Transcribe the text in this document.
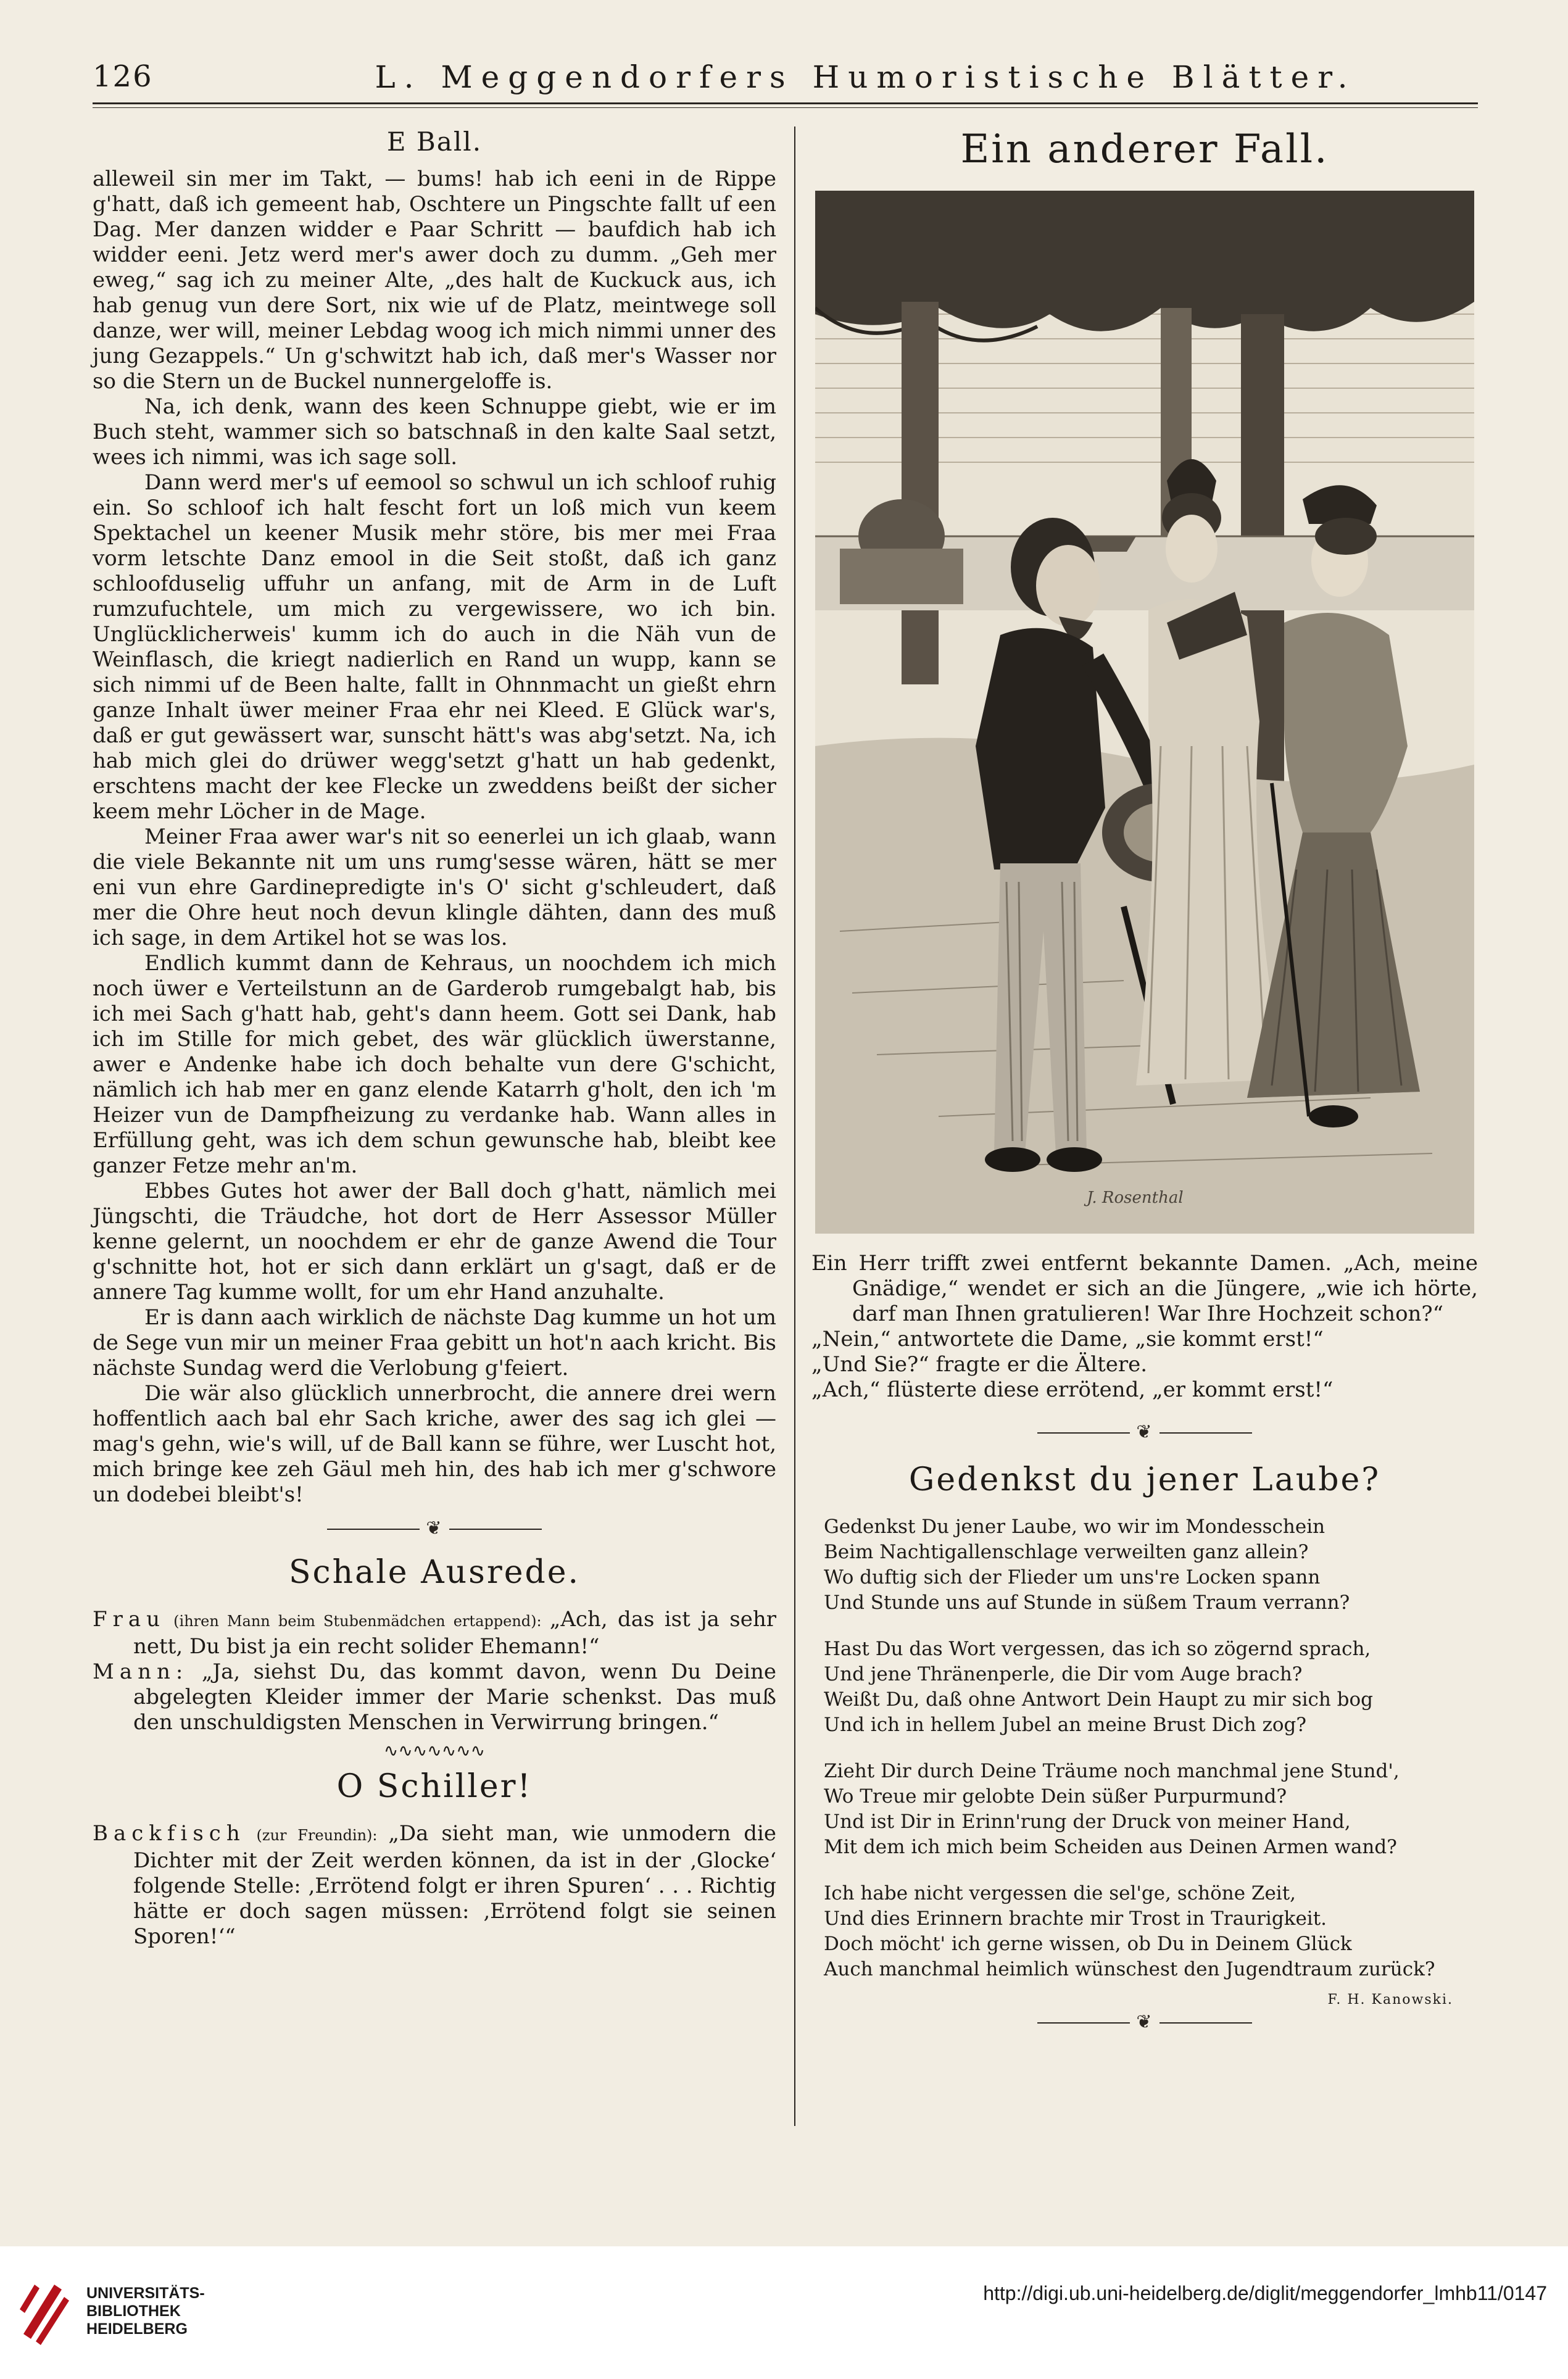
126	L. Meggendorfers Humoristische Blätter.
E Ball.

alleweil sin mer im Takt, — bums! hab ich eeni in de Rippe g'hatt, daß ich gemeent hab, Oschtere un Pingschte fallt uf een Dag. Mer danzen widder e Paar Schritt — baufdich hab ich widder eeni. Jetz werd mer's awer doch zu dumm. „Geh mer eweg,“ sag ich zu meiner Alte, „des halt de Kuckuck aus, ich hab genug vun dere Sort, nix wie uf de Platz, meintwege soll danze, wer will, meiner Lebdag woog ich mich nimmi unner des jung Gezappels.“ Un g'schwitzt hab ich, daß mer's Wasser nor so die Stern un de Buckel nunnergeloffe is.

Na, ich denk, wann des keen Schnuppe giebt, wie er im Buch steht, wammer sich so batschnaß in den kalte Saal setzt, wees ich nimmi, was ich sage soll.

Dann werd mer's uf eemool so schwul un ich schloof ruhig ein. So schloof ich halt fescht fort un loß mich vun keem Spektachel un keener Musik mehr störe, bis mer mei Fraa vorm letschte Danz emool in die Seit stoßt, daß ich ganz schloofduselig uffuhr un anfang, mit de Arm in de Luft rumzufuchtele, um mich zu vergewissere, wo ich bin. Unglücklicherweis' kumm ich do auch in die Näh vun de Weinflasch, die kriegt nadierlich en Rand un wupp, kann se sich nimmi uf de Been halte, fallt in Ohnnmacht un gießt ehrn ganze Inhalt üwer meiner Fraa ehr nei Kleed. E Glück war's, daß er gut gewässert war, sunscht hätt's was abg'setzt. Na, ich hab mich glei do drüwer wegg'setzt g'hatt un hab gedenkt, erschtens macht der kee Flecke un zweddens beißt der sicher keem mehr Löcher in de Mage.

Meiner Fraa awer war's nit so eenerlei un ich glaab, wann die viele Bekannte nit um uns rumg'sesse wären, hätt se mer eni vun ehre Gardinepredigte in's O' sicht g'schleudert, daß mer die Ohre heut noch devun klingle dähten, dann des muß ich sage, in dem Artikel hot se was los.

Endlich kummt dann de Kehraus, un noochdem ich mich noch üwer e Verteilstunn an de Garderob rumgebalgt hab, bis ich mei Sach g'hatt hab, geht's dann heem. Gott sei Dank, hab ich im Stille for mich gebet, des wär glücklich üwerstanne, awer e Andenke habe ich doch behalte vun dere G'schicht, nämlich ich hab mer en ganz elende Katarrh g'holt, den ich 'm Heizer vun de Dampfheizung zu verdanke hab. Wann alles in Erfüllung geht, was ich dem schun gewunsche hab, bleibt kee ganzer Fetze mehr an'm.

Ebbes Gutes hot awer der Ball doch g'hatt, nämlich mei Jüngschti, die Träudche, hot dort de Herr Assessor Müller kenne gelernt, un noochdem er ehr de ganze Awend die Tour g'schnitte hot, hot er sich dann erklärt un g'sagt, daß er de annere Tag kumme wollt, for um ehr Hand anzuhalte.

Er is dann aach wirklich de nächste Dag kumme un hot um de Sege vun mir un meiner Fraa gebitt un hot'n aach kricht. Bis nächste Sundag werd die Verlobung g'feiert.

Die wär also glücklich unnerbrocht, die annere drei wern hoffentlich aach bal ehr Sach kriche, awer des sag ich glei — mag's gehn, wie's will, uf de Ball kann se führe, wer Luscht hot, mich bringe kee zeh Gäul meh hin, des hab ich mer g'schwore un dodebei bleibt's!

❦
Schale Ausrede.

Frau (ihren Mann beim Stubenmädchen ertappend): „Ach, das ist ja sehr nett, Du bist ja ein recht solider Ehemann!“

Mann: „Ja, siehst Du, das kommt davon, wenn Du Deine abgelegten Kleider immer der Marie schenkst. Das muß den unschuldigsten Menschen in Verwirrung bringen.“

∿∿∿∿∿∿∿
O Schiller!

Backfisch (zur Freundin): „Da sieht man, wie unmodern die Dichter mit der Zeit werden können, da ist in der ‚Glocke‘ folgende Stelle: ‚Errötend folgt er ihren Spuren‘ . . . Richtig hätte er doch sagen müssen: ‚Errötend folgt sie seinen Sporen!‘“

Ein anderer Fall.
J. Rosenthal

Ein Herr trifft zwei entfernt bekannte Damen. „Ach, meine Gnädige,“ wendet er sich an die Jüngere, „wie ich hörte, darf man Ihnen gratulieren! War Ihre Hochzeit schon?“

„Nein,“ antwortete die Dame, „sie kommt erst!“

„Und Sie?“ fragte er die Ältere.

„Ach,“ flüsterte diese errötend, „er kommt erst!“

❦
Gedenkst du jener Laube?
Gedenkst Du jener Laube, wo wir im Mondesschein
Beim Nachtigallenschlage verweilten ganz allein?
Wo duftig sich der Flieder um uns're Locken spann
Und Stunde uns auf Stunde in süßem Traum verrann?
Hast Du das Wort vergessen, das ich so zögernd sprach,
Und jene Thränenperle, die Dir vom Auge brach?
Weißt Du, daß ohne Antwort Dein Haupt zu mir sich bog
Und ich in hellem Jubel an meine Brust Dich zog?
Zieht Dir durch Deine Träume noch manchmal jene Stund',
Wo Treue mir gelobte Dein süßer Purpurmund?
Und ist Dir in Erinn'rung der Druck von meiner Hand,
Mit dem ich mich beim Scheiden aus Deinen Armen wand?
Ich habe nicht vergessen die sel'ge, schöne Zeit,
Und dies Erinnern brachte mir Trost in Traurigkeit.
Doch möcht' ich gerne wissen, ob Du in Deinem Glück
Auch manchmal heimlich wünschest den Jugendtraum zurück?
F. H. Kanowski.
❦
UNIVERSITÄTS-
BIBLIOTHEK
HEIDELBERG
http://digi.ub.uni-heidelberg.de/diglit/meggendorfer_lmhb11/0147
